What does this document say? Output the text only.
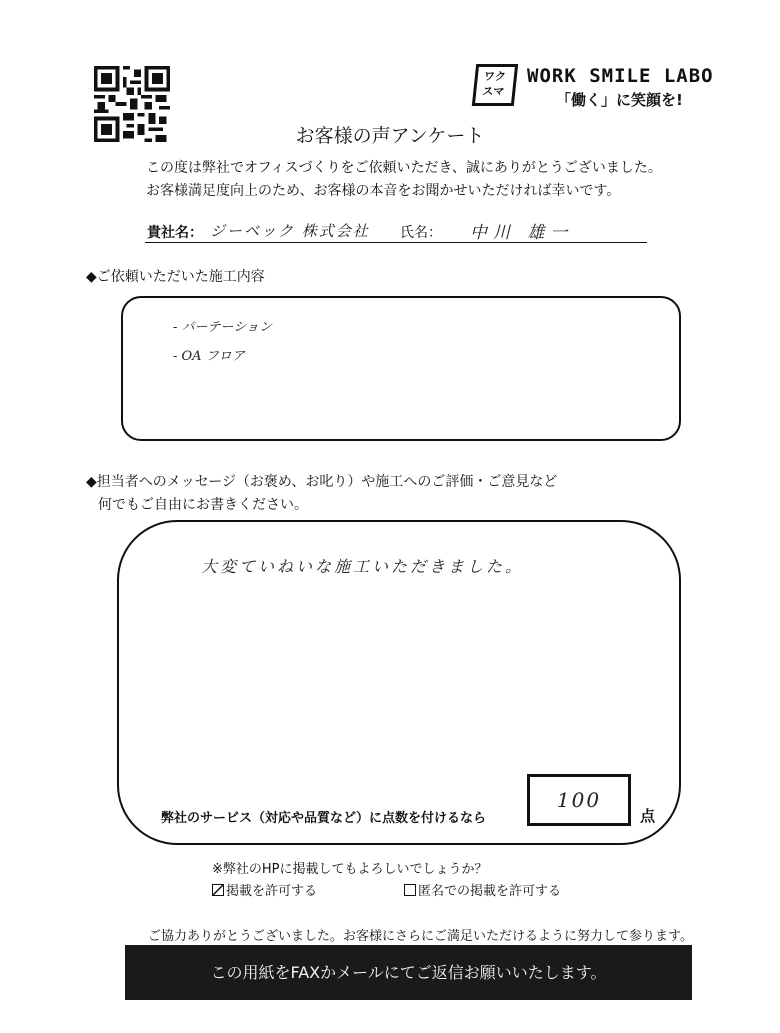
ワク
スマ
WORK SMILE LABO
「働く」に笑顔を!
お客様の声アンケート
この度は弊社でオフィスづくりをご依頼いただき、誠にありがとうございました。
お客様満足度向上のため、お客様の本音をお聞かせいただければ幸いです。
貴社名： ジーベック 株式会社 氏名： 中川 雄一
◆ご依頼いただいた施工内容
- パーテーション
- OA フロア
◆担当者へのメッセージ（お褒め、お叱り）や施工へのご評価・ご意見など
何でもご自由にお書きください。
大変ていねいな施工いただきました。
弊社のサービス（対応や品質など）に点数を付けるなら
100
点
※弊社のHPに掲載してもよろしいでしょうか？
掲載を許可する	匿名での掲載を許可する
ご協力ありがとうございました。お客様にさらにご満足いただけるように努力して参ります。
この用紙をFAXかメールにてご返信お願いいたします。
